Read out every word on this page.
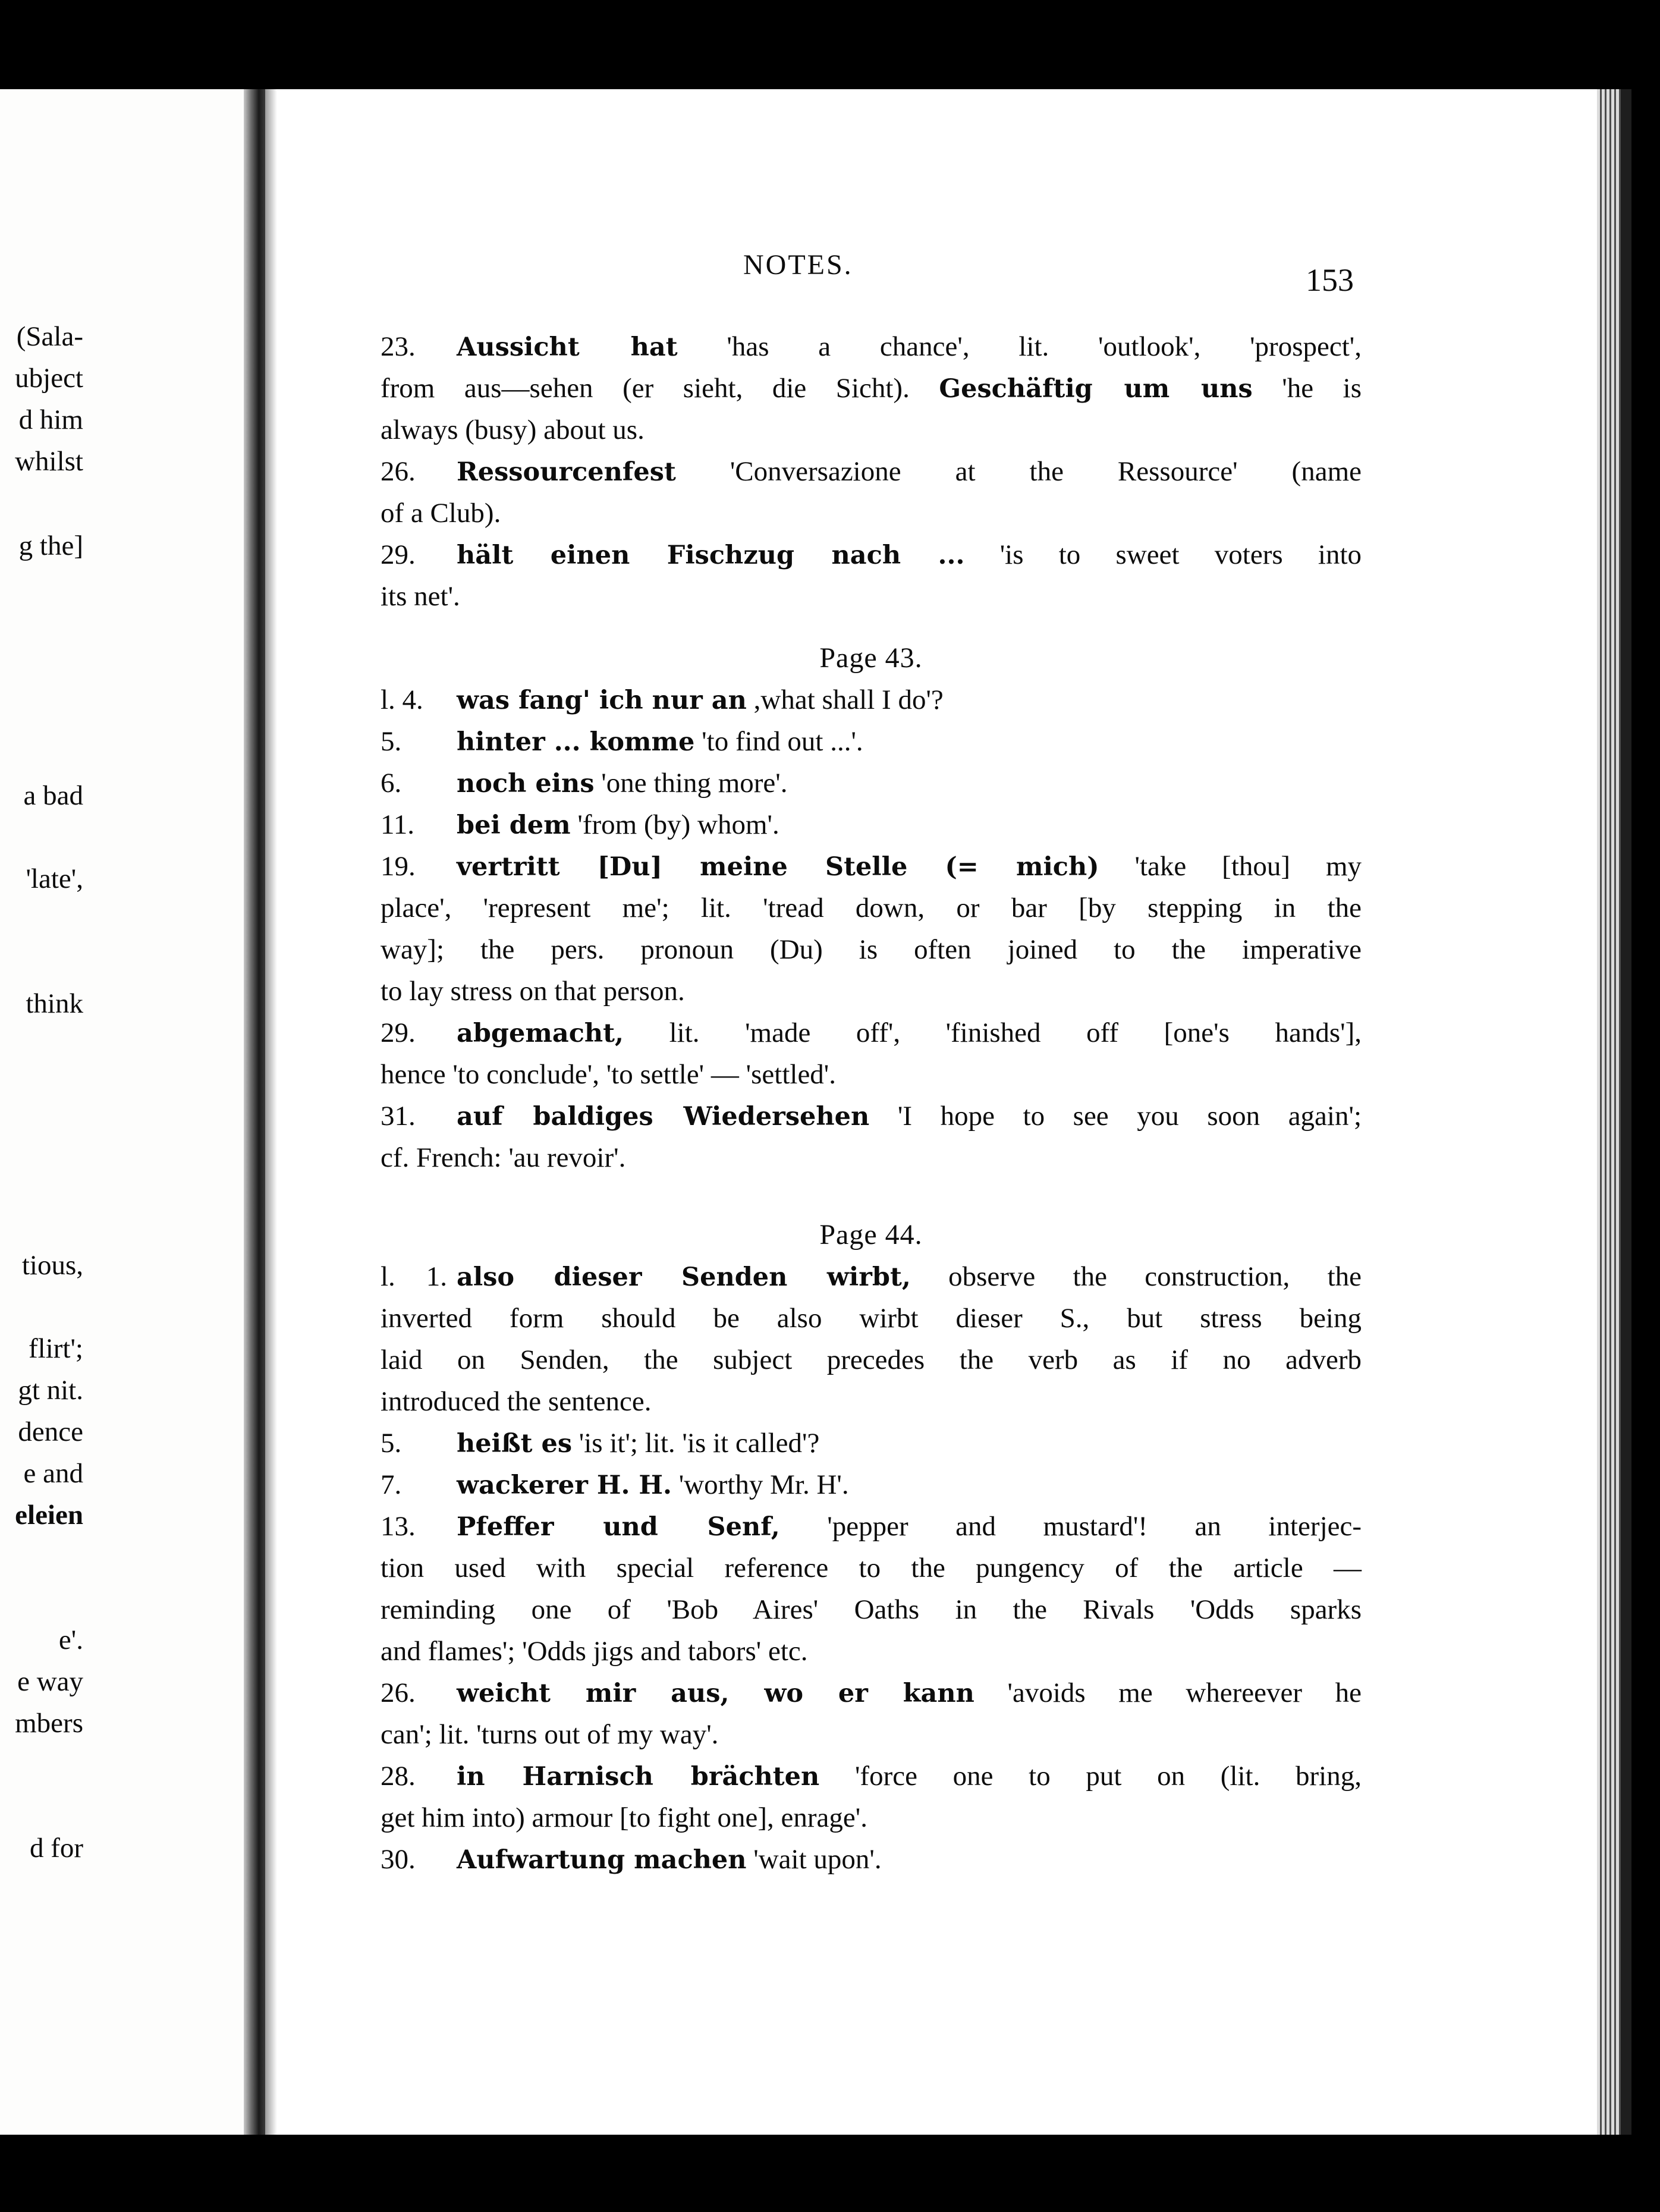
(Sala-
ubject
d him
whilst
g the]
a bad
'late',
think
tious,
flirt';
gt nit.
dence
e and
eleien
e'.
e way
mbers
d for
NOTES.	153
23. Aussicht hat 'has a chance', lit. 'outlook', 'prospect',
from aus—sehen (er sieht, die Sicht). Geschäftig um uns 'he is
always (busy) about us.
26. Ressourcenfest 'Conversazione at the Ressource' (name
of a Club).
29. hält einen Fischzug nach ... 'is to sweet voters into
its net'.
Page 43.
l. 4. was fang' ich nur an ,what shall I do'?
5. hinter ... komme 'to find out ...'.
6. noch eins 'one thing more'.
11. bei dem 'from (by) whom'.
19. vertritt [Du] meine Stelle (= mich) 'take [thou] my
place', 'represent me'; lit. 'tread down, or bar [by stepping in the
way]; the pers. pronoun (Du) is often joined to the imperative
to lay stress on that person.
29. abgemacht, lit. 'made off', 'finished off [one's hands'],
hence 'to conclude', 'to settle' — 'settled'.
31. auf baldiges Wiedersehen 'I hope to see you soon again';
cf. French: 'au revoir'.
Page 44.
l. 1. also dieser Senden wirbt, observe the construction, the
inverted form should be also wirbt dieser S., but stress being
laid on Senden, the subject precedes the verb as if no adverb
introduced the sentence.
5. heißt es 'is it'; lit. 'is it called'?
7. wackerer H. H. 'worthy Mr. H'.
13. Pfeffer und Senf, 'pepper and mustard'! an interjec-
tion used with special reference to the pungency of the article —
reminding one of 'Bob Aires' Oaths in the Rivals 'Odds sparks
and flames'; 'Odds jigs and tabors' etc.
26. weicht mir aus, wo er kann 'avoids me whereever he
can'; lit. 'turns out of my way'.
28. in Harnisch brächten 'force one to put on (lit. bring,
get him into) armour [to fight one], enrage'.
30. Aufwartung machen 'wait upon'.
